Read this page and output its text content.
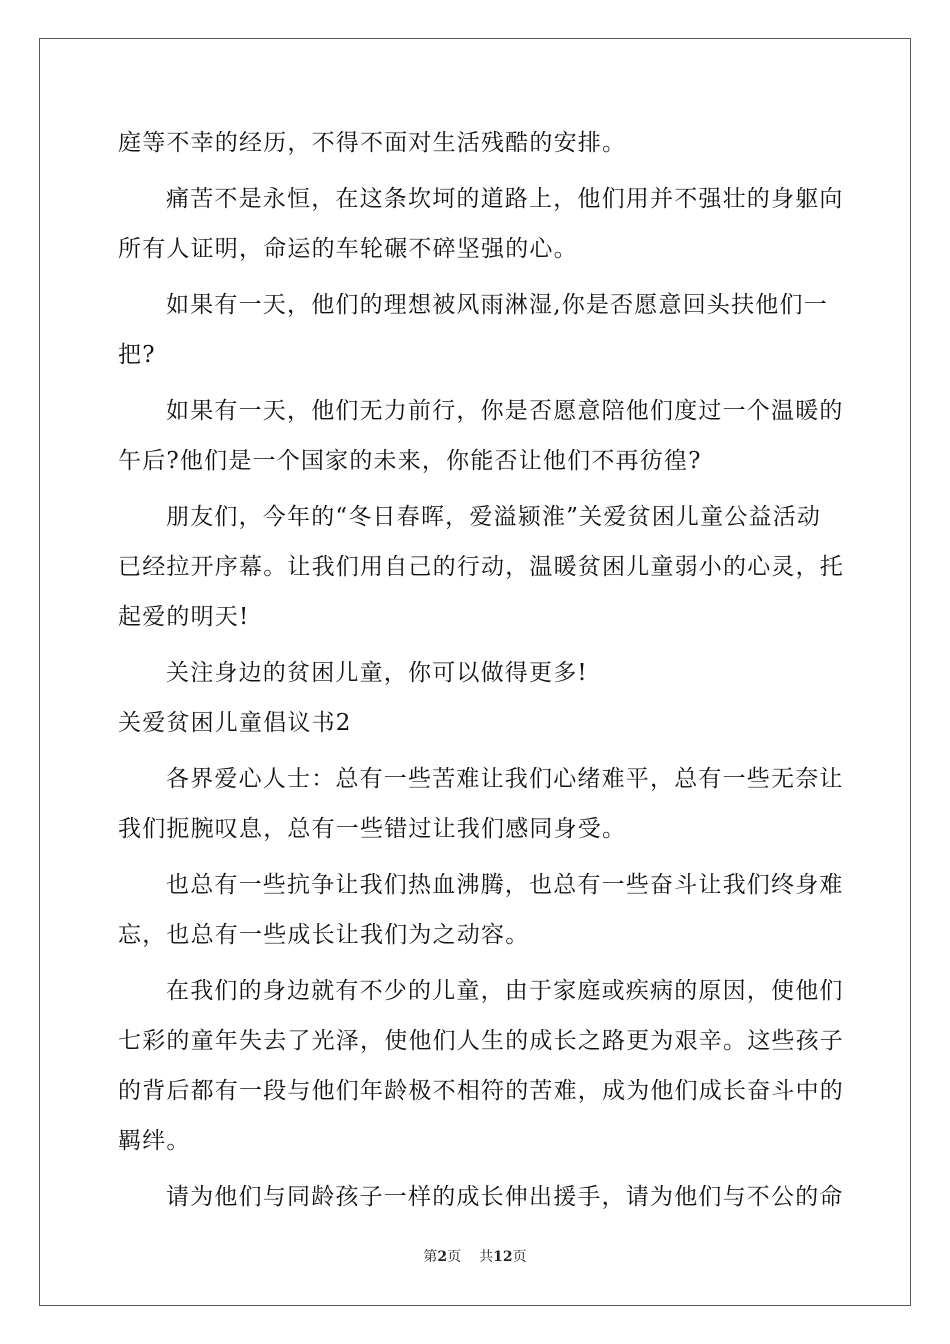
庭等不幸的经历，不得不面对生活残酷的安排。
痛苦不是永恒，在这条坎坷的道路上，他们用并不强壮的身躯向
所有人证明，命运的车轮碾不碎坚强的心。
如果有一天，他们的理想被风雨淋湿,你是否愿意回头扶他们一
把?
如果有一天，他们无力前行，你是否愿意陪他们度过一个温暖的
午后?他们是一个国家的未来，你能否让他们不再彷徨?
朋友们，今年的“冬日春晖，爱溢颍淮”关爱贫困儿童公益活动
已经拉开序幕。让我们用自己的行动，温暖贫困儿童弱小的心灵，托
起爱的明天!
关注身边的贫困儿童，你可以做得更多!
关爱贫困儿童倡议书2
各界爱心人士：总有一些苦难让我们心绪难平，总有一些无奈让
我们扼腕叹息，总有一些错过让我们感同身受。
也总有一些抗争让我们热血沸腾，也总有一些奋斗让我们终身难
忘，也总有一些成长让我们为之动容。
在我们的身边就有不少的儿童，由于家庭或疾病的原因，使他们
七彩的童年失去了光泽，使他们人生的成长之路更为艰辛。这些孩子
的背后都有一段与他们年龄极不相符的苦难，成为他们成长奋斗中的
羁绊。
请为他们与同龄孩子一样的成长伸出援手，请为他们与不公的命
第2页 共12页
